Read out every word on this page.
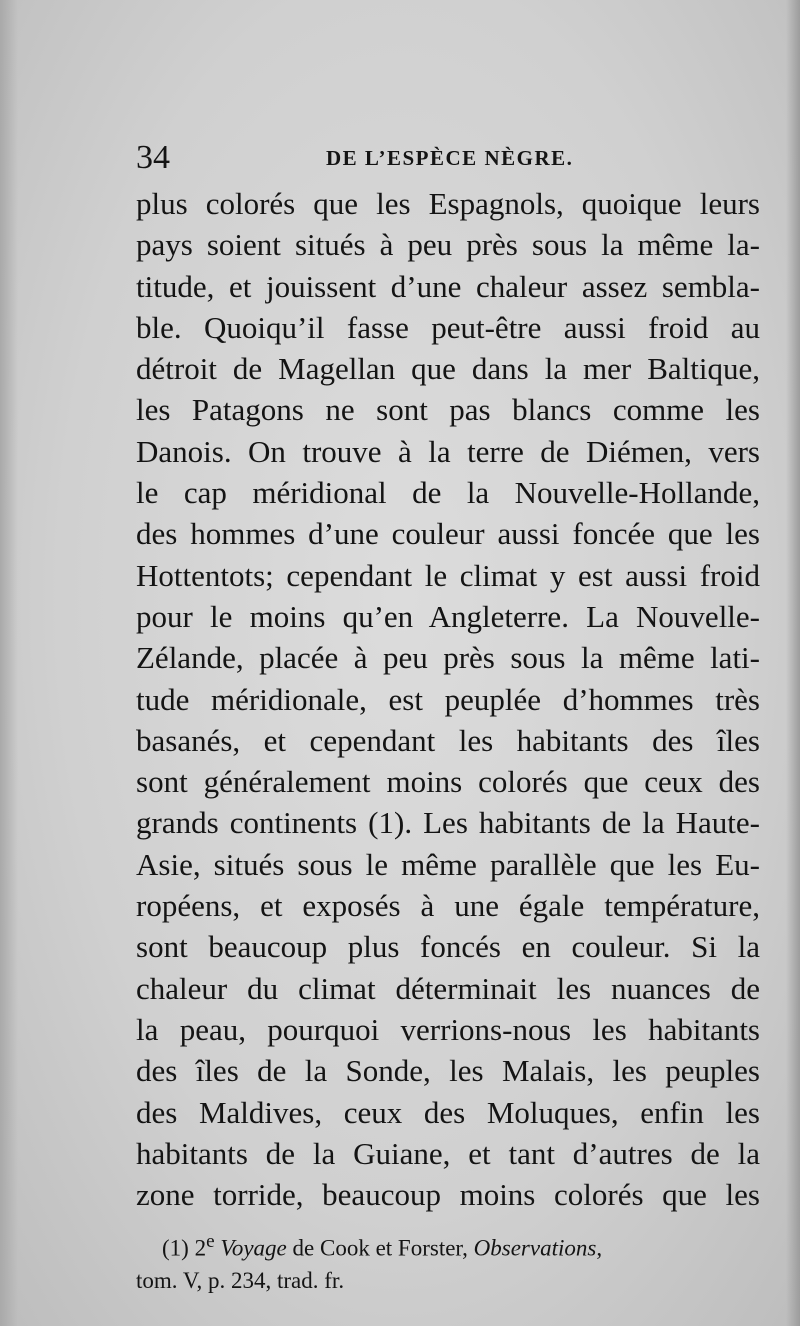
34	DE L’ESPÈCE NÈGRE.
plus colorés que les Espagnols, quoique leurs
pays soient situés à peu près sous la même la-
titude, et jouissent d’une chaleur assez sembla-
ble. Quoiqu’il fasse peut-être aussi froid au
détroit de Magellan que dans la mer Baltique,
les Patagons ne sont pas blancs comme les
Danois. On trouve à la terre de Diémen, vers
le cap méridional de la Nouvelle-Hollande,
des hommes d’une couleur aussi foncée que les
Hottentots; cependant le climat y est aussi froid
pour le moins qu’en Angleterre. La Nouvelle-
Zélande, placée à peu près sous la même lati-
tude méridionale, est peuplée d’hommes très
basanés, et cependant les habitants des îles
sont généralement moins colorés que ceux des
grands continents (1). Les habitants de la Haute-
Asie, situés sous le même parallèle que les Eu-
ropéens, et exposés à une égale température,
sont beaucoup plus foncés en couleur. Si la
chaleur du climat déterminait les nuances de
la peau, pourquoi verrions-nous les habitants
des îles de la Sonde, les Malais, les peuples
des Maldives, ceux des Moluques, enfin les
habitants de la Guiane, et tant d’autres de la
zone torride, beaucoup moins colorés que les
(1) 2e Voyage de Cook et Forster, Observations,
tom. V, p. 234, trad. fr.
